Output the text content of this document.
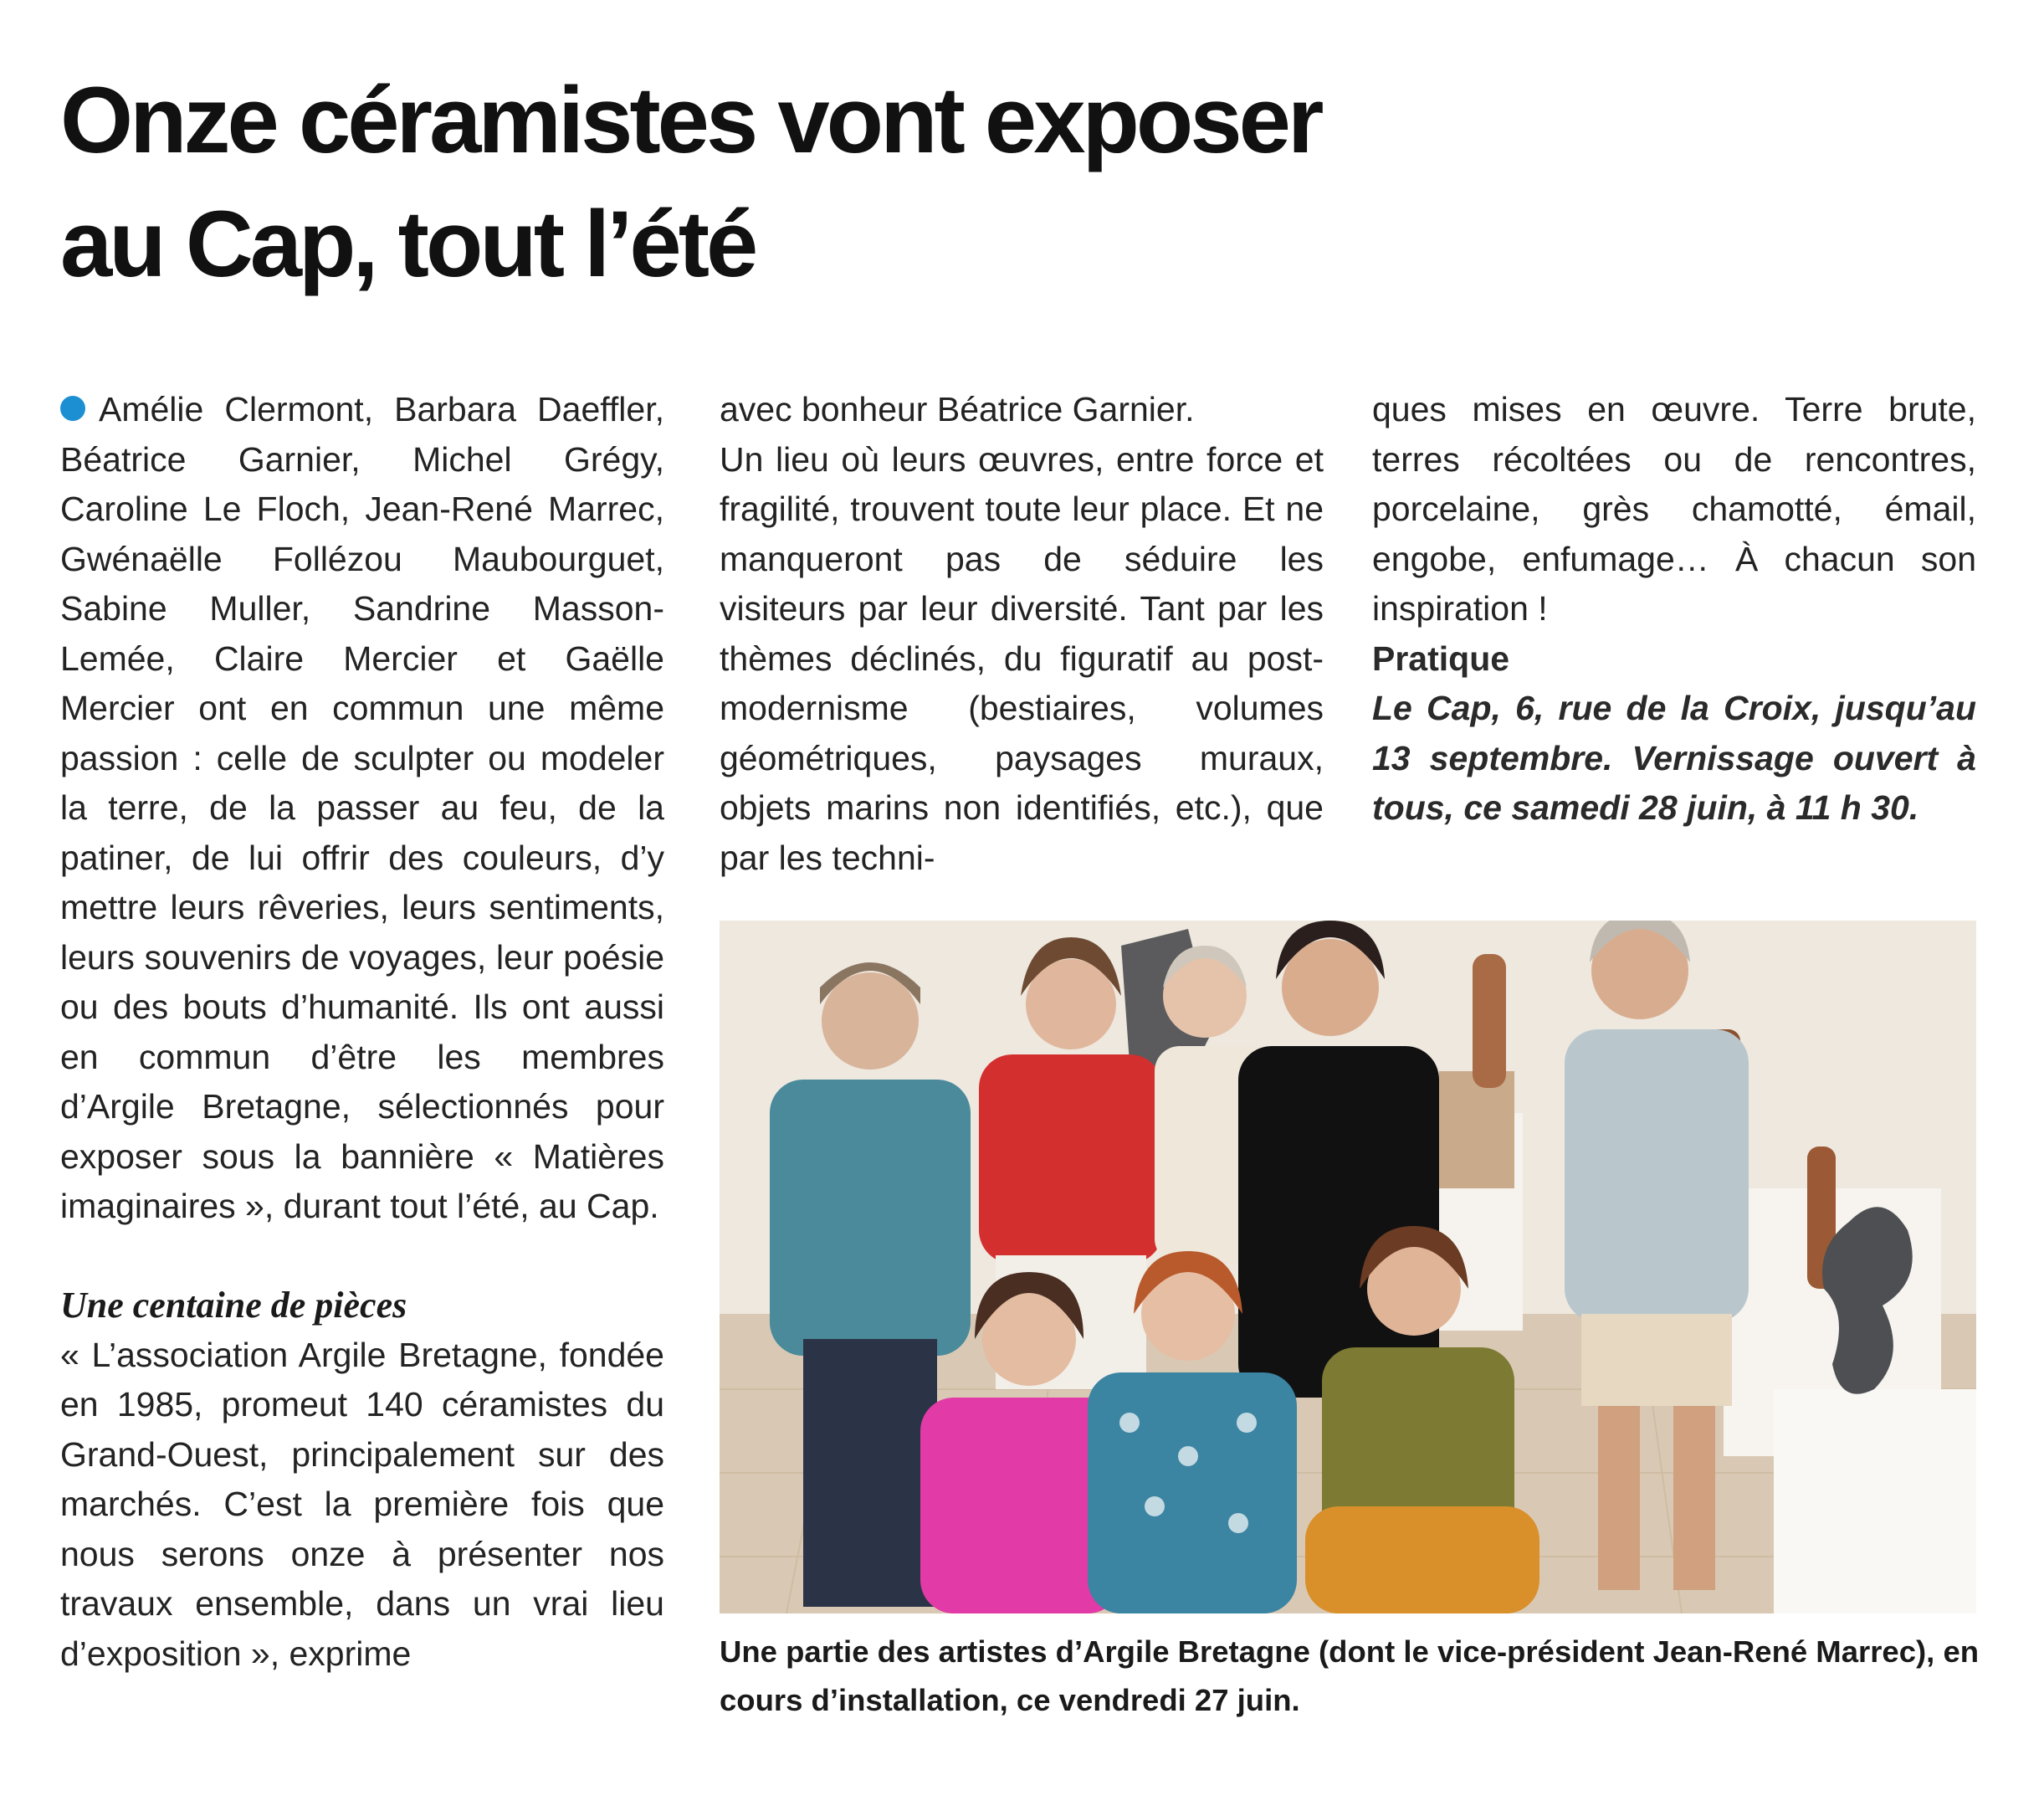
Onze céramistes vont exposer
au Cap, tout l’été

Amélie Clermont, Barbara Daeffler, Béatrice Garnier, Michel Grégy, Caroline Le Floch, Jean-René Marrec, Gwénaëlle Follézou Maubourguet, Sabine Muller, Sandrine Masson-Lemée, Claire Mercier et Gaëlle Mercier ont en commun une même passion : celle de sculpter ou modeler la terre, de la passer au feu, de la patiner, de lui offrir des couleurs, d’y mettre leurs rêveries, leurs sentiments, leurs souvenirs de voyages, leur poésie ou des bouts d’humanité. Ils ont aussi en commun d’être les membres d’Argile Bretagne, sélectionnés pour exposer sous la bannière « Matières imaginaires », durant tout l’été, au Cap.

Une centaine de pièces

« L’association Argile Bretagne, fondée en 1985, promeut 140 céramistes du Grand-Ouest, principalement sur des marchés. C’est la première fois que nous serons onze à présenter nos travaux ensemble, dans un vrai lieu d’exposition », exprime

avec bonheur Béatrice Garnier.

Un lieu où leurs œuvres, entre force et fragilité, trouvent toute leur place. Et ne manqueront pas de séduire les visiteurs par leur diversité. Tant par les thèmes déclinés, du figuratif au post-modernisme (bestiaires, volumes géométriques, paysages muraux, objets marins non identifiés, etc.), que par les techni-

ques mises en œuvre. Terre brute, terres récoltées ou de rencontres, porcelaine, grès chamotté, émail, engobe, enfumage… À chacun son inspiration !

Pratique

Le Cap, 6, rue de la Croix, jusqu’au 13 septembre. Vernissage ouvert à tous, ce samedi 28 juin, à 11 h 30.

Une partie des artistes d’Argile Bretagne (dont le vice-président Jean-René Marrec), en cours d’installation, ce vendredi 27 juin.
